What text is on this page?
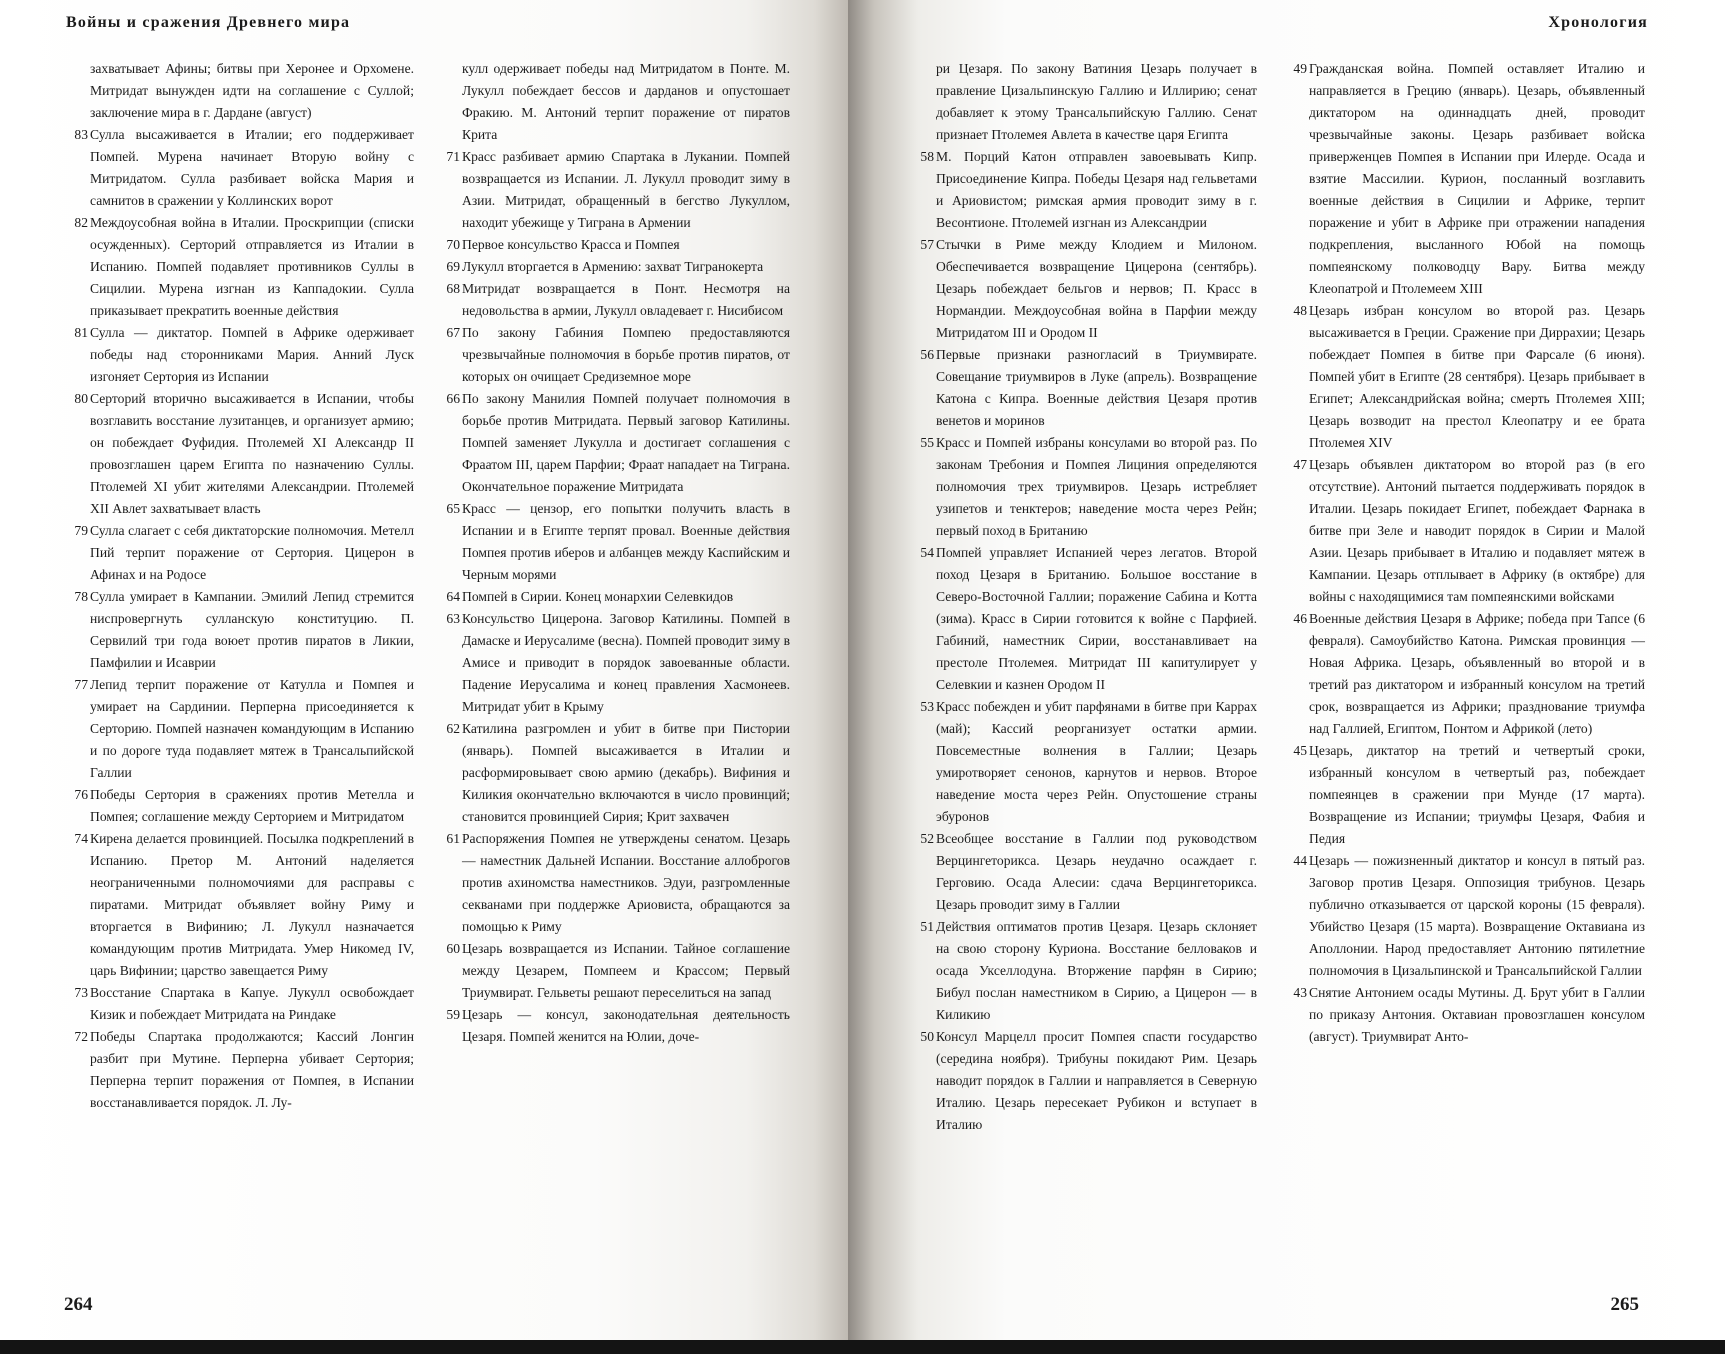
Войны и сражения Древнего мира
захватывает Афины; битвы при Херонее и Орхомене. Митридат вынужден идти на соглашение с Суллой; заключение мира в г. Дардане (август)
83 Сулла высаживается в Италии; его поддерживает Помпей. Мурена начинает Вторую войну с Митридатом. Сулла разбивает войска Мария и самнитов в сражении у Коллинских ворот
82 Междоусобная война в Италии. Проскрипции (списки осужденных). Серторий отправляется из Италии в Испанию. Помпей подавляет противников Суллы в Сицилии. Мурена изгнан из Каппадокии. Сулла приказывает прекратить военные действия
81 Сулла — диктатор. Помпей в Африке одерживает победы над сторонниками Мария. Анний Луск изгоняет Сертория из Испании
80 Серторий вторично высаживается в Испании, чтобы возглавить восстание лузитанцев, и организует армию; он побеждает Фуфидия. Птолемей XI Александр II провозглашен царем Египта по назначению Суллы. Птолемей XI убит жителями Александрии. Птолемей XII Авлет захватывает власть
79 Сулла слагает с себя диктаторские полномочия. Метелл Пий терпит поражение от Сертория. Цицерон в Афинах и на Родосе
78 Сулла умирает в Кампании. Эмилий Лепид стремится ниспровергнуть сулланскую конституцию. П. Сервилий три года воюет против пиратов в Ликии, Памфилии и Исаврии
77 Лепид терпит поражение от Катулла и Помпея и умирает на Сардинии. Перперна присоединяется к Серторию. Помпей назначен командующим в Испанию и по дороге туда подавляет мятеж в Трансальпийской Галлии
76 Победы Сертория в сражениях против Метелла и Помпея; соглашение между Серторием и Митридатом
74 Кирена делается провинцией. Посылка подкреплений в Испанию. Претор М. Антоний наделяется неограниченными полномочиями для расправы с пиратами. Митридат объявляет войну Риму и вторгается в Вифинию; Л. Лукулл назначается командующим против Митридата. Умер Никомед IV, царь Вифинии; царство завещается Риму
73 Восстание Спартака в Капуе. Лукулл освобождает Кизик и побеждает Митридата на Риндаке
72 Победы Спартака продолжаются; Кассий Лонгин разбит при Мутине. Перперна убивает Сертория; Перперна терпит поражения от Помпея, в Испании восстанавливается порядок. Л. Лу-
кулл одерживает победы над Митридатом в Понте. М. Лукулл побеждает бессов и дарданов и опустошает Фракию. М. Антоний терпит поражение от пиратов Крита
71 Красс разбивает армию Спартака в Лукании. Помпей возвращается из Испании. Л. Лукулл проводит зиму в Азии. Митридат, обращенный в бегство Лукуллом, находит убежище у Тиграна в Армении
70 Первое консульство Красса и Помпея
69 Лукулл вторгается в Армению: захват Тигранокерта
68 Митридат возвращается в Понт. Несмотря на недовольства в армии, Лукулл овладевает г. Нисибисом
67 По закону Габиния Помпею предоставляются чрезвычайные полномочия в борьбе против пиратов, от которых он очищает Средиземное море
66 По закону Манилия Помпей получает полномочия в борьбе против Митридата. Первый заговор Катилины. Помпей заменяет Лукулла и достигает соглашения с Фраатом III, царем Парфии; Фраат нападает на Тиграна. Окончательное поражение Митридата
65 Красс — цензор, его попытки получить власть в Испании и в Египте терпят провал. Военные действия Помпея против иберов и албанцев между Каспийским и Черным морями
64 Помпей в Сирии. Конец монархии Селевкидов
63 Консульство Цицерона. Заговор Катилины. Помпей в Дамаске и Иерусалиме (весна). Помпей проводит зиму в Амисе и приводит в порядок завоеванные области. Падение Иерусалима и конец правления Хасмонеев. Митридат убит в Крыму
62 Катилина разгромлен и убит в битве при Пистории (январь). Помпей высаживается в Италии и расформировывает свою армию (декабрь). Вифиния и Киликия окончательно включаются в число провинций; становится провинцией Сирия; Крит захвачен
61 Распоряжения Помпея не утверждены сенатом. Цезарь — наместник Дальней Испании. Восстание аллоброгов против ахиномства наместников. Эдуи, разгромленные секванами при поддержке Ариовиста, обращаются за помощью к Риму
60 Цезарь возвращается из Испании. Тайное соглашение между Цезарем, Помпеем и Крассом; Первый Триумвират. Гельветы решают переселиться на запад
59 Цезарь — консул, законодательная деятельность Цезаря. Помпей женится на Юлии, доче-
264
Хронология
ри Цезаря. По закону Ватиния Цезарь получает в правление Цизальпинскую Галлию и Иллирию; сенат добавляет к этому Трансальпийскую Галлию. Сенат признает Птолемея Авлета в качестве царя Египта
58 М. Порций Катон отправлен завоевывать Кипр. Присоединение Кипра. Победы Цезаря над гельветами и Ариовистом; римская армия проводит зиму в г. Весонтионе. Птолемей изгнан из Александрии
57 Стычки в Риме между Клодием и Милоном. Обеспечивается возвращение Цицерона (сентябрь). Цезарь побеждает бельгов и нервов; П. Красс в Нормандии. Междоусобная война в Парфии между Митридатом III и Ородом II
56 Первые признаки разногласий в Триумвирате. Совещание триумвиров в Луке (апрель). Возвращение Катона с Кипра. Военные действия Цезаря против венетов и моринов
55 Красс и Помпей избраны консулами во второй раз. По законам Требония и Помпея Лициния определяются полномочия трех триумвиров. Цезарь истребляет узипетов и тенктеров; наведение моста через Рейн; первый поход в Британию
54 Помпей управляет Испанией через легатов. Второй поход Цезаря в Британию. Большое восстание в Северо-Восточной Галлии; поражение Сабина и Котта (зима). Красс в Сирии готовится к войне с Парфией. Габиний, наместник Сирии, восстанавливает на престоле Птолемея. Митридат III капитулирует у Селевкии и казнен Ородом II
53 Красс побежден и убит парфянами в битве при Каррах (май); Кассий реорганизует остатки армии. Повсеместные волнения в Галлии; Цезарь умиротворяет сенонов, карнутов и нервов. Второе наведение моста через Рейн. Опустошение страны эбуронов
52 Всеобщее восстание в Галлии под руководством Верцингеторикса. Цезарь неудачно осаждает г. Герговию. Осада Алесии: сдача Верцингеторикса. Цезарь проводит зиму в Галлии
51 Действия оптиматов против Цезаря. Цезарь склоняет на свою сторону Куриона. Восстание белловаков и осада Укселлодуна. Вторжение парфян в Сирию; Бибул послан наместником в Сирию, а Цицерон — в Киликию
50 Консул Марцелл просит Помпея спасти государство (середина ноября). Трибуны покидают Рим. Цезарь наводит порядок в Галлии и направляется в Северную Италию. Цезарь пересекает Рубикон и вступает в Италию
49 Гражданская война. Помпей оставляет Италию и направляется в Грецию (январь). Цезарь, объявленный диктатором на одиннадцать дней, проводит чрезвычайные законы. Цезарь разбивает войска приверженцев Помпея в Испании при Илерде. Осада и взятие Массилии. Курион, посланный возглавить военные действия в Сицилии и Африке, терпит поражение и убит в Африке при отражении нападения подкрепления, высланного Юбой на помощь помпеянскому полководцу Вару. Битва между Клеопатрой и Птолемеем XIII
48 Цезарь избран консулом во второй раз. Цезарь высаживается в Греции. Сражение при Диррахии; Цезарь побеждает Помпея в битве при Фарсале (6 июня). Помпей убит в Египте (28 сентября). Цезарь прибывает в Египет; Александрийская война; смерть Птолемея XIII; Цезарь возводит на престол Клеопатру и ее брата Птолемея XIV
47 Цезарь объявлен диктатором во второй раз (в его отсутствие). Антоний пытается поддерживать порядок в Италии. Цезарь покидает Египет, побеждает Фарнака в битве при Зеле и наводит порядок в Сирии и Малой Азии. Цезарь прибывает в Италию и подавляет мятеж в Кампании. Цезарь отплывает в Африку (в октябре) для войны с находящимися там помпеянскими войсками
46 Военные действия Цезаря в Африке; победа при Тапсе (6 февраля). Самоубийство Катона. Римская провинция — Новая Африка. Цезарь, объявленный во второй и в третий раз диктатором и избранный консулом на третий срок, возвращается из Африки; празднование триумфа над Галлией, Египтом, Понтом и Африкой (лето)
45 Цезарь, диктатор на третий и четвертый сроки, избранный консулом в четвертый раз, побеждает помпеянцев в сражении при Мунде (17 марта). Возвращение из Испании; триумфы Цезаря, Фабия и Педия
44 Цезарь — пожизненный диктатор и консул в пятый раз. Заговор против Цезаря. Оппозиция трибунов. Цезарь публично отказывается от царской короны (15 февраля). Убийство Цезаря (15 марта). Возвращение Октавиана из Аполлонии. Народ предоставляет Антонию пятилетние полномочия в Цизальпинской и Трансальпийской Галлии
43 Снятие Антонием осады Мутины. Д. Брут убит в Галлии по приказу Антония. Октавиан провозглашен консулом (август). Триумвират Анто-
265
